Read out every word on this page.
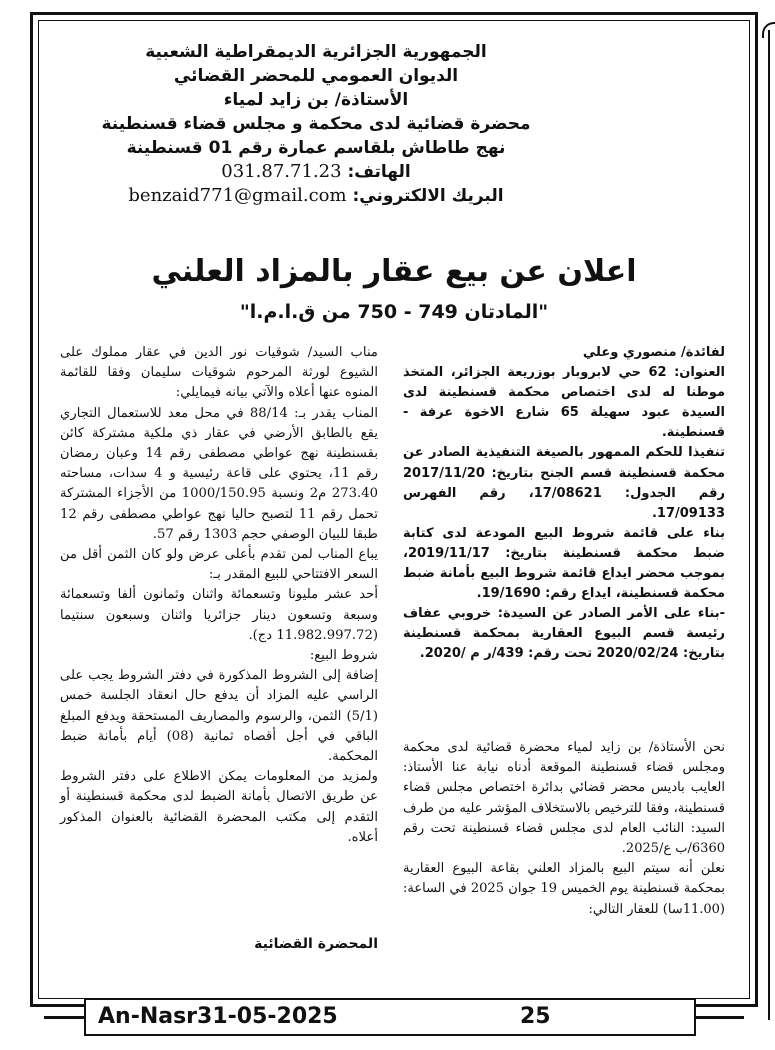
الجمهورية الجزائرية الديمقراطية الشعبية
الديوان العمومي للمحضر القضائي
الأستاذة/ بن زايد لمياء
محضرة قضائية لدى محكمة و مجلس قضاء قسنطينة
نهج طاطاش بلقاسم عمارة رقم 01 قسنطينة
الهاتف: 031.87.71.23
البريك الالكتروني: benzaid771@gmail.com
اعلان عن بيع عقار بالمزاد العلني
"المادتان 749 - 750 من ق.ا.م.ا"

لفائدة/ منصوري وعلي

العنوان: 62 حي لابروبار بوزريعة الجزائر، المتخذ موطنا له لدى اختصاص محكمة قسنطينة لدى السيدة عبود سهيلة 65 شارع الاخوة عرفة - قسنطينة.

تنفيذا للحكم الممهور بالصيغة التنفيذية الصادر عن محكمة قسنطينة قسم الجنح بتاريخ: 2017/11/20 رقم الجدول: 17/08621، رقم الفهرس 17/09133.

بناء على قائمة شروط البيع المودعة لدى كتابة ضبط محكمة قسنطينة بتاريخ: 2019/11/17، بموجب محضر ايداع قائمة شروط البيع بأمانة ضبط محكمة قسنطينة، ايداع رقم: 19/1690.

-بناء على الأمر الصادر عن السيدة: خروبي عفاف رئيسة قسم البيوع العقارية بمحكمة قسنطينة بتاريخ: 2020/02/24 تحت رقم: 439/ر م /2020.

نحن الأستاذة/ بن زايد لمياء محضرة قضائية لدى محكمة ومجلس قضاء قسنطينة الموقعة أدناه نيابة عنا الأستاذ: العايب باديس محضر قضائي بدائرة اختصاص مجلس قضاء قسنطينة، وفقا للترخيص بالاستخلاف المؤشر عليه من طرف السيد: النائب العام لدى مجلس قضاء قسنطينة تحت رقم 6360/ب ع/2025.

نعلن أنه سيتم البيع بالمزاد العلني بقاعة البيوع العقارية بمحكمة قسنطينة يوم الخميس 19 جوان 2025 في الساعة: (11.00سا) للعقار التالي:

مناب السيد/ شوقيات نور الدين في عقار مملوك على الشيوع لورثة المرحوم شوقيات سليمان وفقا للقائمة المنوه عنها أعلاه والآتي بيانه فيمايلي:

المناب يقدر بـ: 88/14 في محل معد للاستعمال التجاري يقع بالطابق الأرضي في عقار ذي ملكية مشتركة كائن بقسنطينة نهج عواطي مصطفى رقم 14 وعبان رمضان رقم 11، يحتوي على قاعة رئيسية و 4 سدات، مساحته 273.40 م2 ونسبة 1000/150.95 من الأجزاء المشتركة تحمل رقم 11 لتصبح حاليا نهج عواطي مصطفى رقم 12 طبقا للبيان الوصفي حجم 1303 رقم 57.

يباع المناب لمن تقدم بأعلى عرض ولو كان الثمن أقل من السعر الافتتاحي للبيع المقدر بـ:

أحد عشر مليونا وتسعمائة واثنان وثمانون ألفا وتسعمائة وسبعة وتسعون دينار جزائريا واثنان وسبعون سنتيما (11.982.997.72 دج).

شروط البيع:

إضافة إلى الشروط المذكورة في دفتر الشروط يجب على الراسي عليه المزاد أن يدفع حال انعقاد الجلسة خمس (5/1) الثمن، والرسوم والمصاريف المستحقة ويدفع المبلغ الباقي في أجل أقصاه ثمانية (08) أيام بأمانة ضبط المحكمة.

ولمزيد من المعلومات يمكن الاطلاع على دفتر الشروط عن طريق الاتصال بأمانة الضبط لدى محكمة قسنطينة أو التقدم إلى مكتب المحضرة القضائية بالعنوان المذكور أعلاه.

المحضرة القضائية
An-Nasr31-05-2025	25
